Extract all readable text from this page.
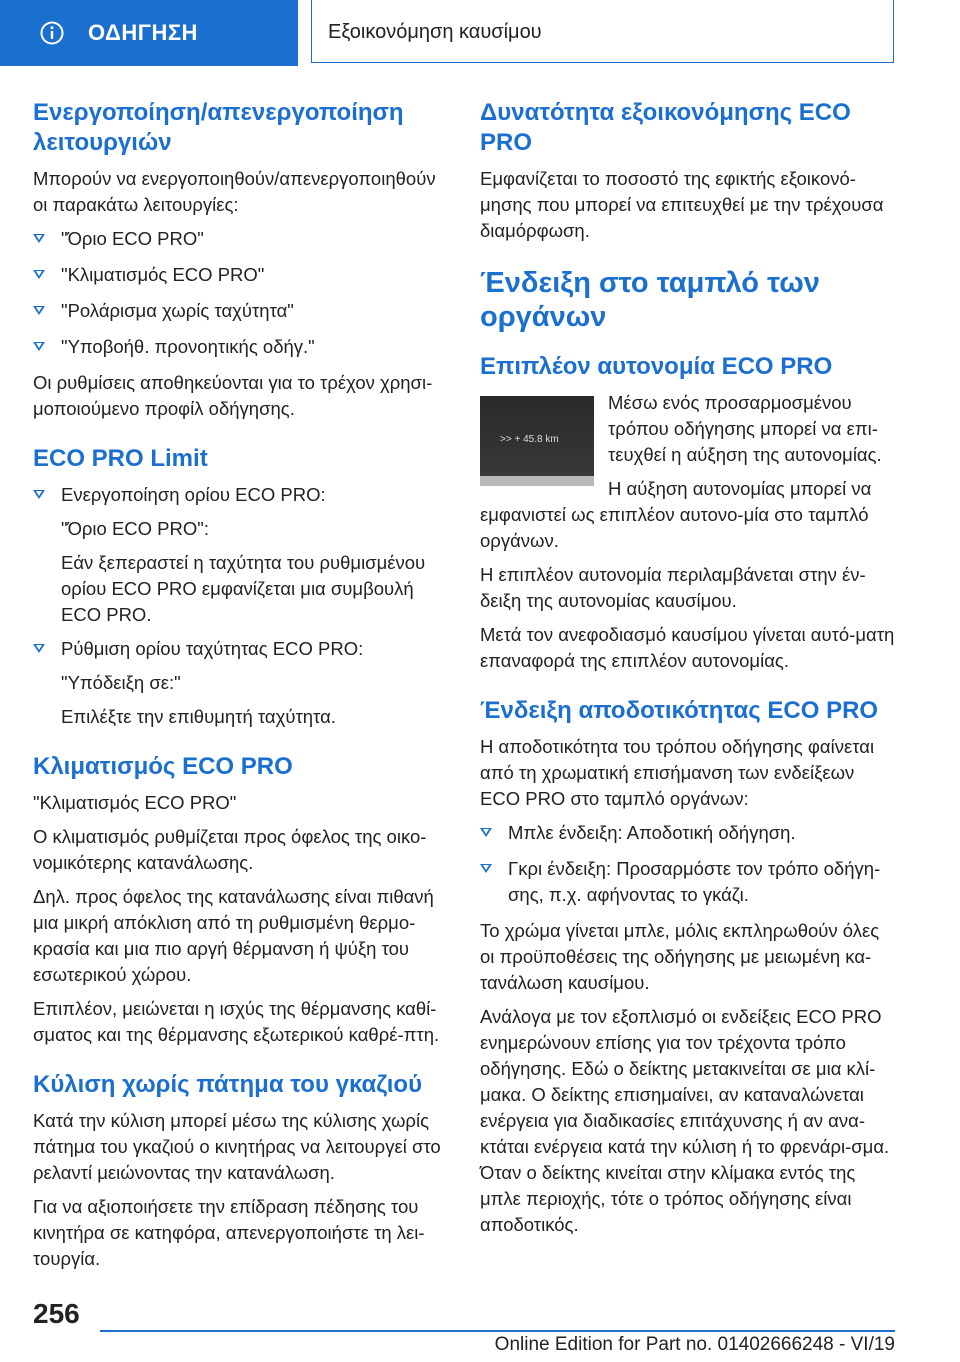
ΟΔΗΓΗΣΗ	Εξοικονόμηση καυσίμου
Ενεργοποίηση/απενεργοποίηση λειτουργιών

Μπορούν να ενεργοποιηθούν/απενεργοποιηθούν οι παρακάτω λειτουργίες:

"Όριο ECO PRO"
"Κλιματισμός ECO PRO"
"Ρολάρισμα χωρίς ταχύτητα"
"Υποβοήθ. προνοητικής οδήγ."

Οι ρυθμίσεις αποθηκεύονται για το τρέχον χρησι-μοποιούμενο προφίλ οδήγησης.

ECO PRO Limit
Ενεργοποίηση ορίου ECO PRO:

"Όριο ECO PRO":

Εάν ξεπεραστεί η ταχύτητα του ρυθμισμένου ορίου ECO PRO εμφανίζεται μια συμβουλή ECO PRO.

Ρύθμιση ορίου ταχύτητας ECO PRO:

"Υπόδειξη σε:"

Επιλέξτε την επιθυμητή ταχύτητα.

Κλιματισμός ECO PRO

"Κλιματισμός ECO PRO"

Ο κλιματισμός ρυθμίζεται προς όφελος της οικο-νομικότερης κατανάλωσης.

Δηλ. προς όφελος της κατανάλωσης είναι πιθανή μια μικρή απόκλιση από τη ρυθμισμένη θερμο-κρασία και μια πιο αργή θέρμανση ή ψύξη του εσωτερικού χώρου.

Επιπλέον, μειώνεται η ισχύς της θέρμανσης καθί-σματος και της θέρμανσης εξωτερικού καθρέ-πτη.

Κύλιση χωρίς πάτημα του γκαζιού

Κατά την κύλιση μπορεί μέσω της κύλισης χωρίς πάτημα του γκαζιού ο κινητήρας να λειτουργεί στο ρελαντί μειώνοντας την κατανάλωση.

Για να αξιοποιήσετε την επίδραση πέδησης του κινητήρα σε κατηφόρα, απενεργοποιήστε τη λει-τουργία.

Δυνατότητα εξοικονόμησης ECO PRO

Εμφανίζεται το ποσοστό της εφικτής εξοικονό-μησης που μπορεί να επιτευχθεί με την τρέχουσα διαμόρφωση.

Ένδειξη στο ταμπλό των οργάνων
Επιπλέον αυτονομία ECO PRO
>> + 45.8 km

Μέσω ενός προσαρμοσμένου τρόπου οδήγησης μπορεί να επι-τευχθεί η αύξηση της αυτονομίας.

Η αύξηση αυτονομίας μπορεί να εμφανιστεί ως επιπλέον αυτονο-μία στο ταμπλό οργάνων.

Η επιπλέον αυτονομία περιλαμβάνεται στην έν-δειξη της αυτονομίας καυσίμου.

Μετά τον ανεφοδιασμό καυσίμου γίνεται αυτό-ματη επαναφορά της επιπλέον αυτονομίας.

Ένδειξη αποδοτικότητας ECO PRO

Η αποδοτικότητα του τρόπου οδήγησης φαίνεται από τη χρωματική επισήμανση των ενδείξεων ECO PRO στο ταμπλό οργάνων:

Μπλε ένδειξη: Αποδοτική οδήγηση.
Γκρι ένδειξη: Προσαρμόστε τον τρόπο οδήγη-σης, π.χ. αφήνοντας το γκάζι.

Το χρώμα γίνεται μπλε, μόλις εκπληρωθούν όλες οι προϋποθέσεις της οδήγησης με μειωμένη κα-τανάλωση καυσίμου.

Ανάλογα με τον εξοπλισμό οι ενδείξεις ECO PRO ενημερώνουν επίσης για τον τρέχοντα τρόπο οδήγησης. Εδώ ο δείκτης μετακινείται σε μια κλί-μακα. Ο δείκτης επισημαίνει, αν καταναλώνεται ενέργεια για διαδικασίες επιτάχυνσης ή αν ανα-κτάται ενέργεια κατά την κύλιση ή το φρενάρι-σμα. Όταν ο δείκτης κινείται στην κλίμακα εντός της μπλε περιοχής, τότε ο τρόπος οδήγησης είναι αποδοτικός.

256
Online Edition for Part no. 01402666248 - VI/19
